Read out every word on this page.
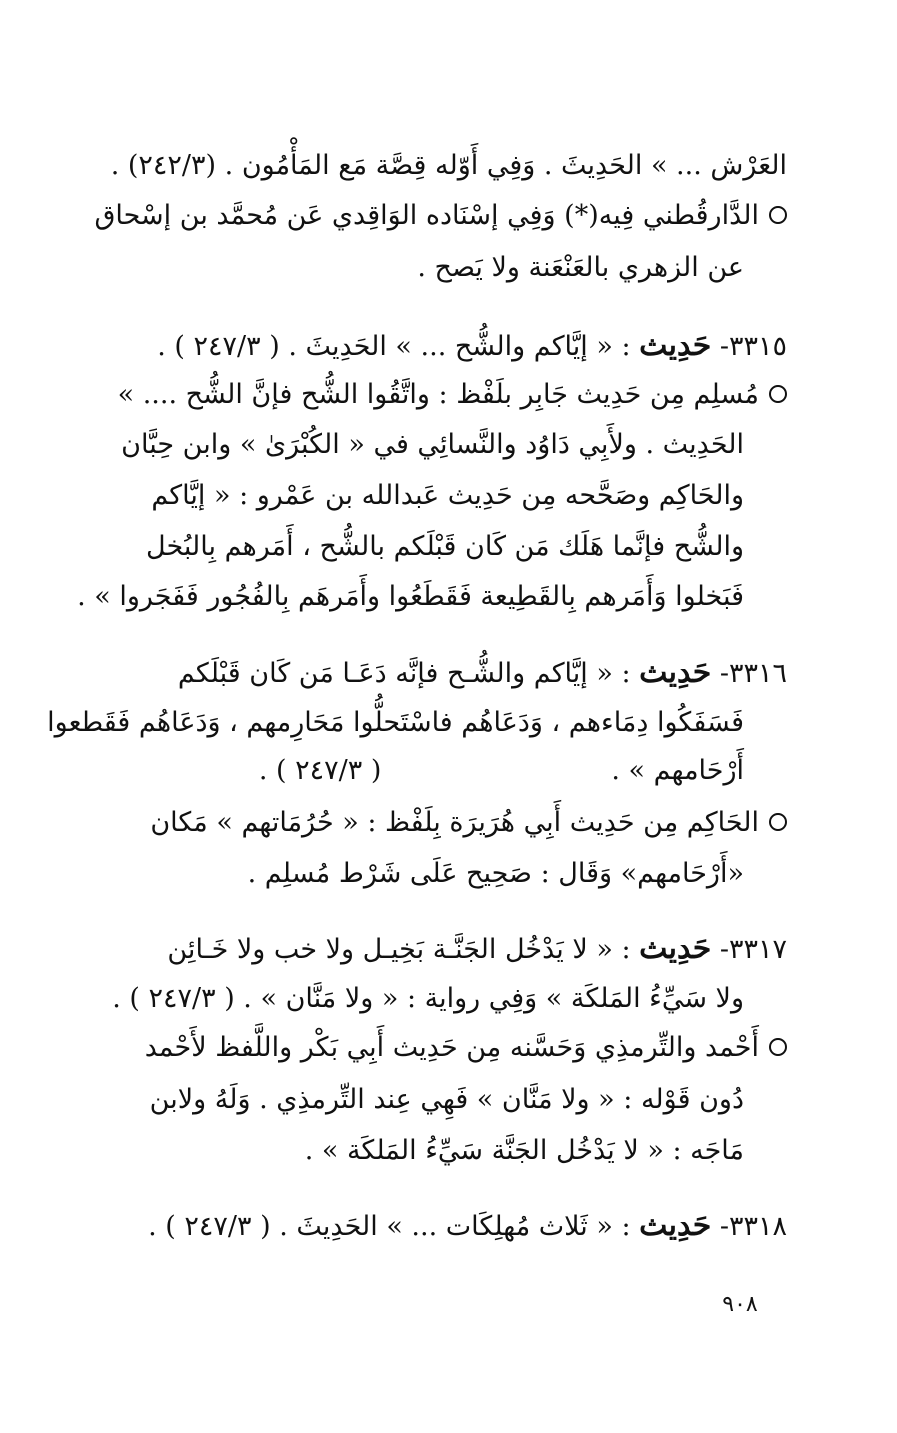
العَرْش ... » الحَدِيثَ . وَفِي أَوّله قِصَّة مَع المَأْمُون . (٢٤٢/٣) .
الدَّارقُطني فِيه(*) وَفِي إسْنَاده الوَاقِدي عَن مُحمَّد بن إسْحاق
عن الزهري بالعَنْعَنة ولا يَصح .
٣٣١٥- حَدِيث : « إيَّاكم والشُّح ... » الحَدِيثَ . ( ٢٤٧/٣ ) .
مُسلِم مِن حَدِيث جَابِر بلَفْظ : واتَّقُوا الشُّح فإنَّ الشُّح .... »
الحَدِيث . ولأَبِي دَاوُد والنَّسائِي في « الكُبْرَىٰ » وابن حِبَّان
والحَاكِم وصَحَّحه مِن حَدِيث عَبدالله بن عَمْرو : « إيَّاكم
والشُّح فإنَّما هَلَك مَن كَان قَبْلَكم بالشُّح ، أَمَرهم بِالبُخل
فَبَخلوا وَأَمَرهم بِالقَطِيعة فَقَطَعُوا وأَمَرهَم بِالفُجُور فَفَجَروا » .
٣٣١٦- حَدِيث : « إيَّاكم والشُّـح فإنَّه دَعَـا مَن كَان قَبْلَكم
فَسَفَكُوا دِمَاءهم ، وَدَعَاهُم فاسْتَحلُّوا مَحَارِمهم ، وَدَعَاهُم فَقَطعوا
أَرْحَامهم » .( ٢٤٧/٣ ) .
الحَاكِم مِن حَدِيث أَبِي هُرَيرَة بِلَفْظ : « حُرُمَاتهم » مَكان
«أَرْحَامهم» وَقَال : صَحِيح عَلَى شَرْط مُسلِم .
٣٣١٧- حَدِيث : « لا يَدْخُل الجَنَّـة بَخِيـل ولا خب ولا خَـائِن
ولا سَيِّءُ المَلكَة » وَفِي رواية : « ولا مَنَّان » . ( ٢٤٧/٣ ) .
أَحْمد والتِّرمذِي وَحَسَّنه مِن حَدِيث أَبِي بَكْر واللَّفظ لأَحْمد
دُون قَوْله : « ولا مَنَّان » فَهِي عِند التِّرمذِي . وَلَهُ ولابن
مَاجَه : « لا يَدْخُل الجَنَّة سَيِّءُ المَلكَة » .
٣٣١٨- حَدِيث : « ثَلاث مُهلِكَات ... » الحَدِيثَ . ( ٢٤٧/٣ ) .
٩٠٨
